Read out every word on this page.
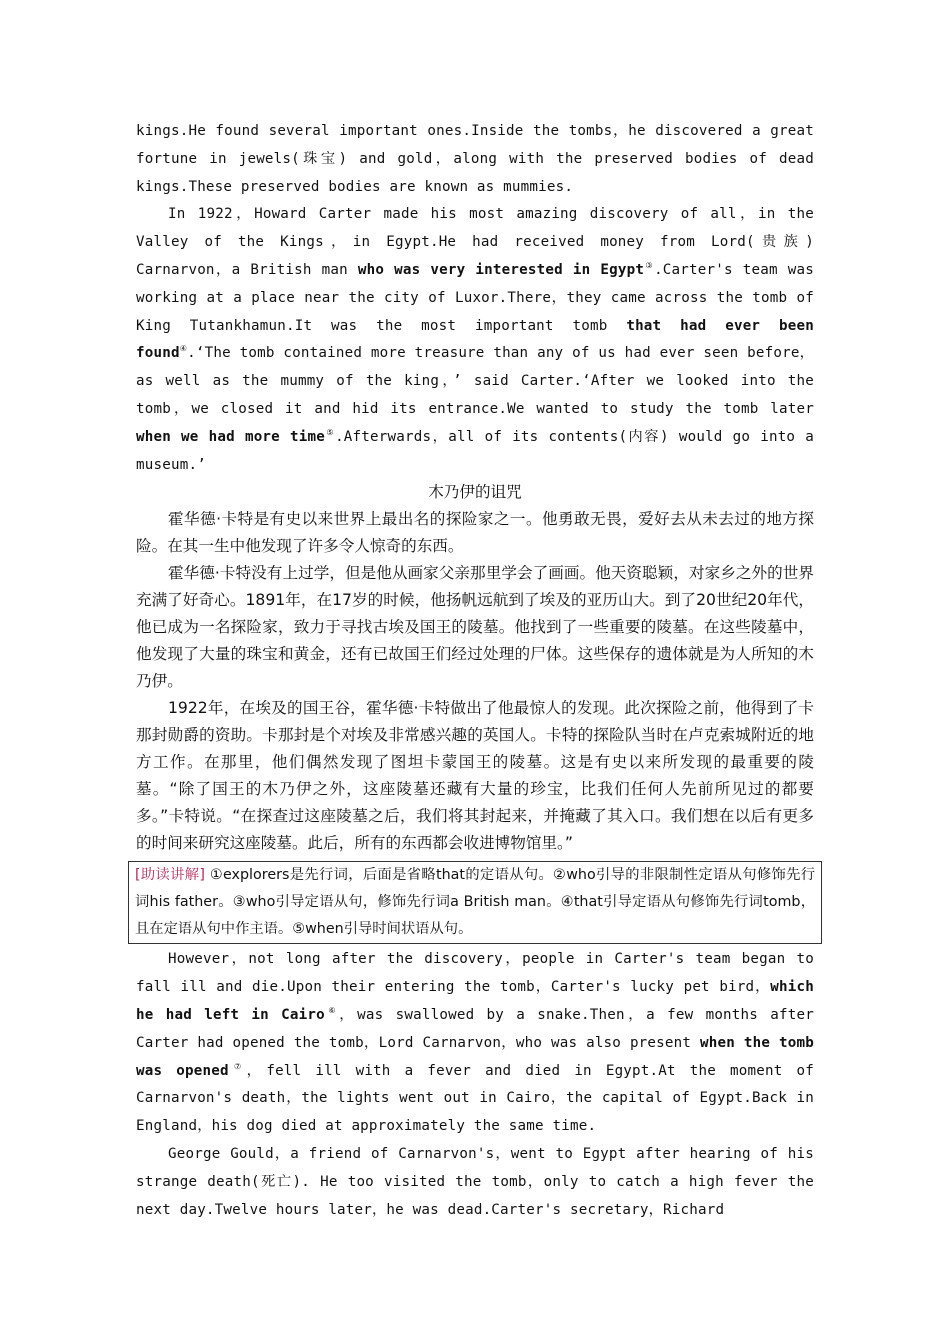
kings.He found several important ones.Inside the tombs，he discovered a great fortune in jewels(珠宝) and gold，along with the preserved bodies of dead kings.These preserved bodies are known as mummies.

In 1922，Howard Carter made his most amazing discovery of all，in the Valley of the Kings，in Egypt.He had received money from Lord(贵族) Carnarvon，a British man who was very interested in Egypt③.Carter's team was working at a place near the city of Luxor.There，they came across the tomb of King Tutankhamun.It was the most important tomb that had ever been found④.‘The tomb contained more treasure than any of us had ever seen before，as well as the mummy of the king，’ said Carter.‘After we looked into the tomb，we closed it and hid its entrance.We wanted to study the tomb later when we had more time⑤.Afterwards，all of its contents(内容) would go into a museum.’

木乃伊的诅咒

霍华德·卡特是有史以来世界上最出名的探险家之一。他勇敢无畏，爱好去从未去过的地方探险。在其一生中他发现了许多令人惊奇的东西。

霍华德·卡特没有上过学，但是他从画家父亲那里学会了画画。他天资聪颖，对家乡之外的世界充满了好奇心。1891年，在17岁的时候，他扬帆远航到了埃及的亚历山大。到了20世纪20年代，他已成为一名探险家，致力于寻找古埃及国王的陵墓。他找到了一些重要的陵墓。在这些陵墓中，他发现了大量的珠宝和黄金，还有已故国王们经过处理的尸体。这些保存的遗体就是为人所知的木乃伊。

1922年，在埃及的国王谷，霍华德·卡特做出了他最惊人的发现。此次探险之前，他得到了卡那封勋爵的资助。卡那封是个对埃及非常感兴趣的英国人。卡特的探险队当时在卢克索城附近的地方工作。在那里，他们偶然发现了图坦卡蒙国王的陵墓。这是有史以来所发现的最重要的陵墓。“除了国王的木乃伊之外，这座陵墓还藏有大量的珍宝，比我们任何人先前所见过的都要多。”卡特说。“在探查过这座陵墓之后，我们将其封起来，并掩藏了其入口。我们想在以后有更多的时间来研究这座陵墓。此后，所有的东西都会收进博物馆里。”

[助读讲解] ①explorers是先行词，后面是省略that的定语从句。②who引导的非限制性定语从句修饰先行词his father。③who引导定语从句，修饰先行词a British man。④that引导定语从句修饰先行词tomb，且在定语从句中作主语。⑤when引导时间状语从句。

However，not long after the discovery，people in Carter's team began to fall ill and die.Upon their entering the tomb，Carter's lucky pet bird，which he had left in Cairo⑥，was swallowed by a snake.Then，a few months after Carter had opened the tomb，Lord Carnarvon，who was also present when the tomb was opened⑦，fell ill with a fever and died in Egypt.At the moment of Carnarvon's death，the lights went out in Cairo，the capital of Egypt.Back in England，his dog died at approximately the same time.

George Gould，a friend of Carnarvon's，went to Egypt after hearing of his strange death(死亡). He too visited the tomb，only to catch a high fever the next day.Twelve hours later，he was dead.Carter's secretary，Richard
